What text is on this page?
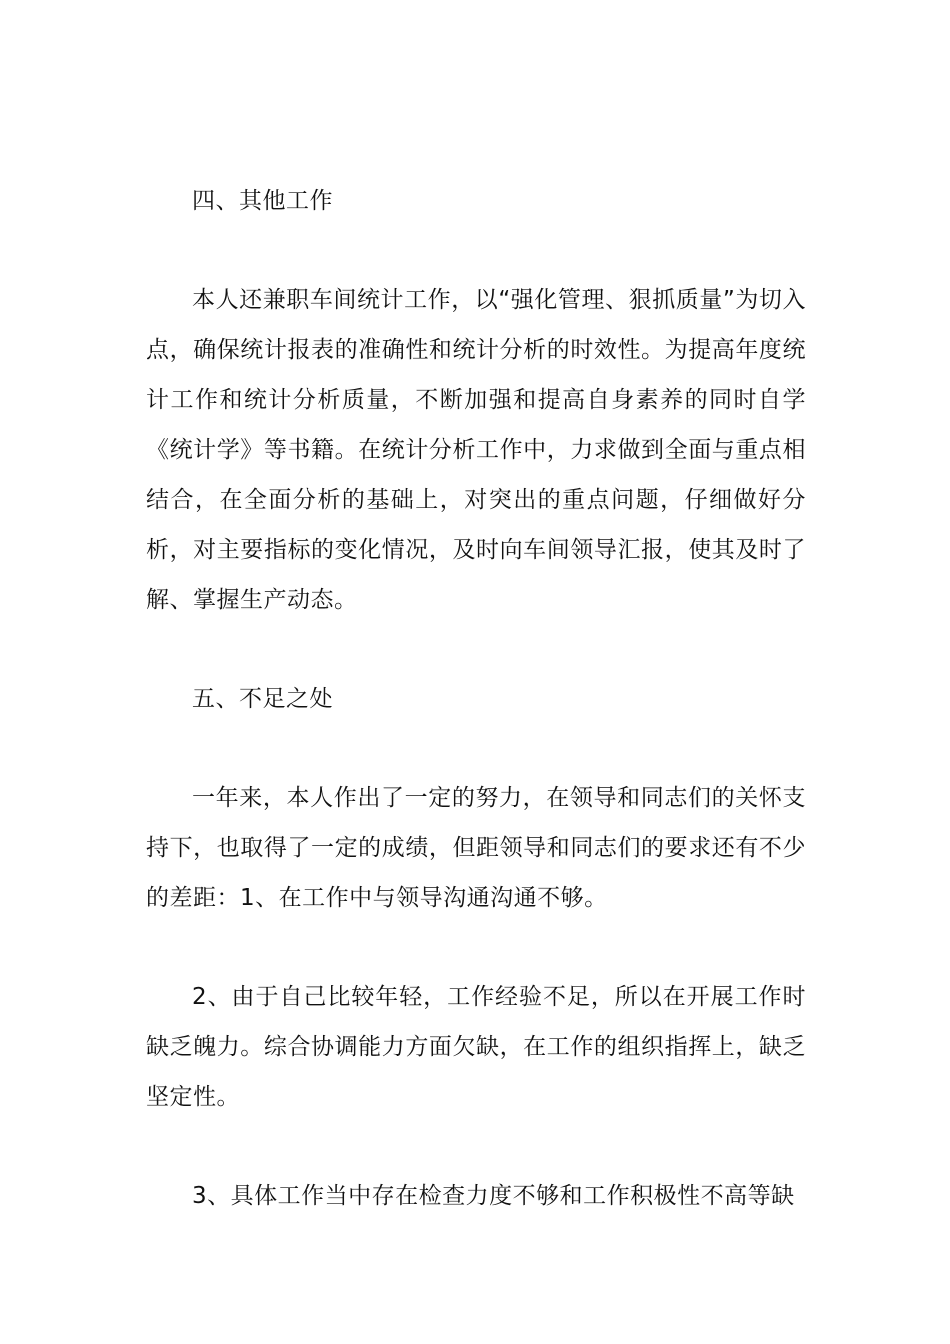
四、其他工作

本人还兼职车间统计工作，以“强化管理、狠抓质量”为切入点，确保统计报表的准确性和统计分析的时效性。为提高年度统计工作和统计分析质量，不断加强和提高自身素养的同时自学《统计学》等书籍。在统计分析工作中，力求做到全面与重点相结合，在全面分析的基础上，对突出的重点问题，仔细做好分析，对主要指标的变化情况，及时向车间领导汇报，使其及时了解、掌握生产动态。

五、不足之处

一年来，本人作出了一定的努力，在领导和同志们的关怀支持下，也取得了一定的成绩，但距领导和同志们的要求还有不少的差距：1、在工作中与领导沟通沟通不够。

2、由于自己比较年轻，工作经验不足，所以在开展工作时缺乏魄力。综合协调能力方面欠缺，在工作的组织指挥上，缺乏坚定性。

3、具体工作当中存在检查力度不够和工作积极性不高等缺
